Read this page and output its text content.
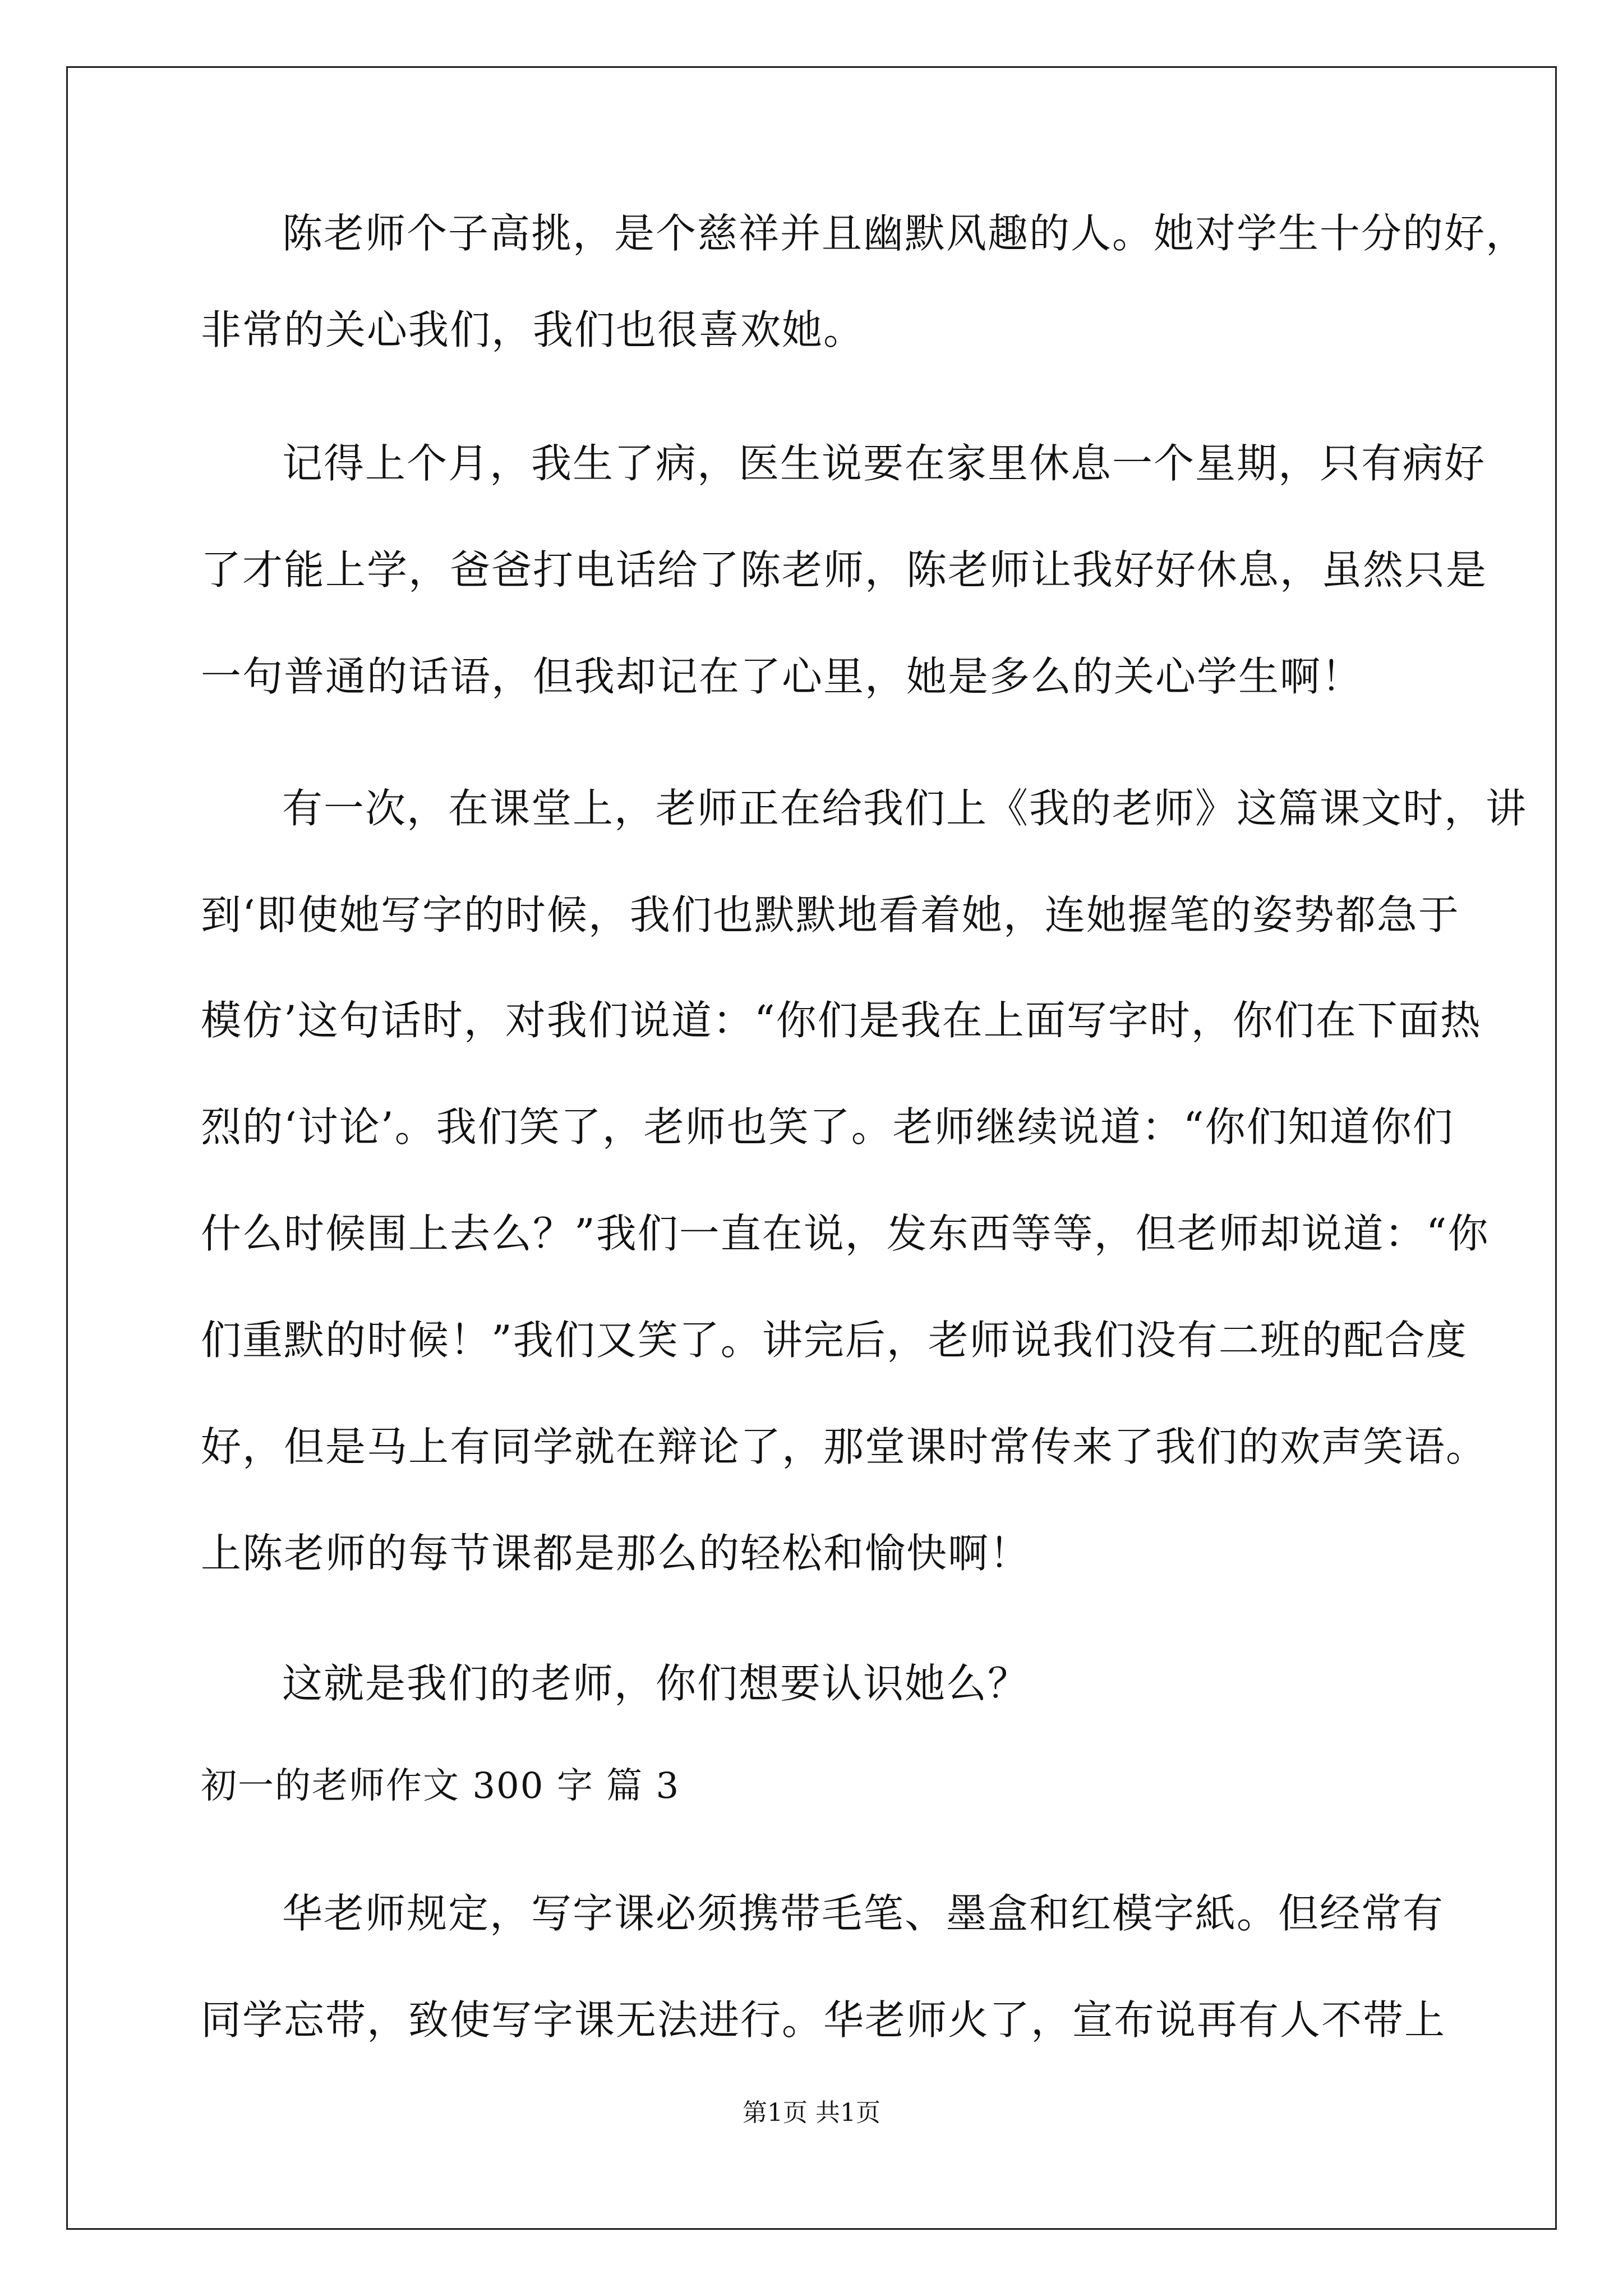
陈老师个子高挑，是个慈祥并且幽默风趣的人。她对学生十分的好，
非常的关心我们，我们也很喜欢她。
记得上个月，我生了病，医生说要在家里休息一个星期，只有病好
了才能上学，爸爸打电话给了陈老师，陈老师让我好好休息，虽然只是
一句普通的话语，但我却记在了心里，她是多么的关心学生啊！
有一次，在课堂上，老师正在给我们上《我的老师》这篇课文时，讲
到‘即使她写字的时候，我们也默默地看着她，连她握笔的姿势都急于
模仿’这句话时，对我们说道：“你们是我在上面写字时，你们在下面热
烈的‘讨论’。我们笑了，老师也笑了。老师继续说道：“你们知道你们
什么时候围上去么？”我们一直在说，发东西等等，但老师却说道：“你
们重默的时候！”我们又笑了。讲完后，老师说我们没有二班的配合度
好，但是马上有同学就在辩论了，那堂课时常传来了我们的欢声笑语。
上陈老师的每节课都是那么的轻松和愉快啊！
这就是我们的老师，你们想要认识她么？
初一的老师作文 300 字 篇 3
华老师规定，写字课必须携带毛笔、墨盒和红模字紙。但经常有
同学忘带，致使写字课无法进行。华老师火了，宣布说再有人不带上
第1页 共1页
